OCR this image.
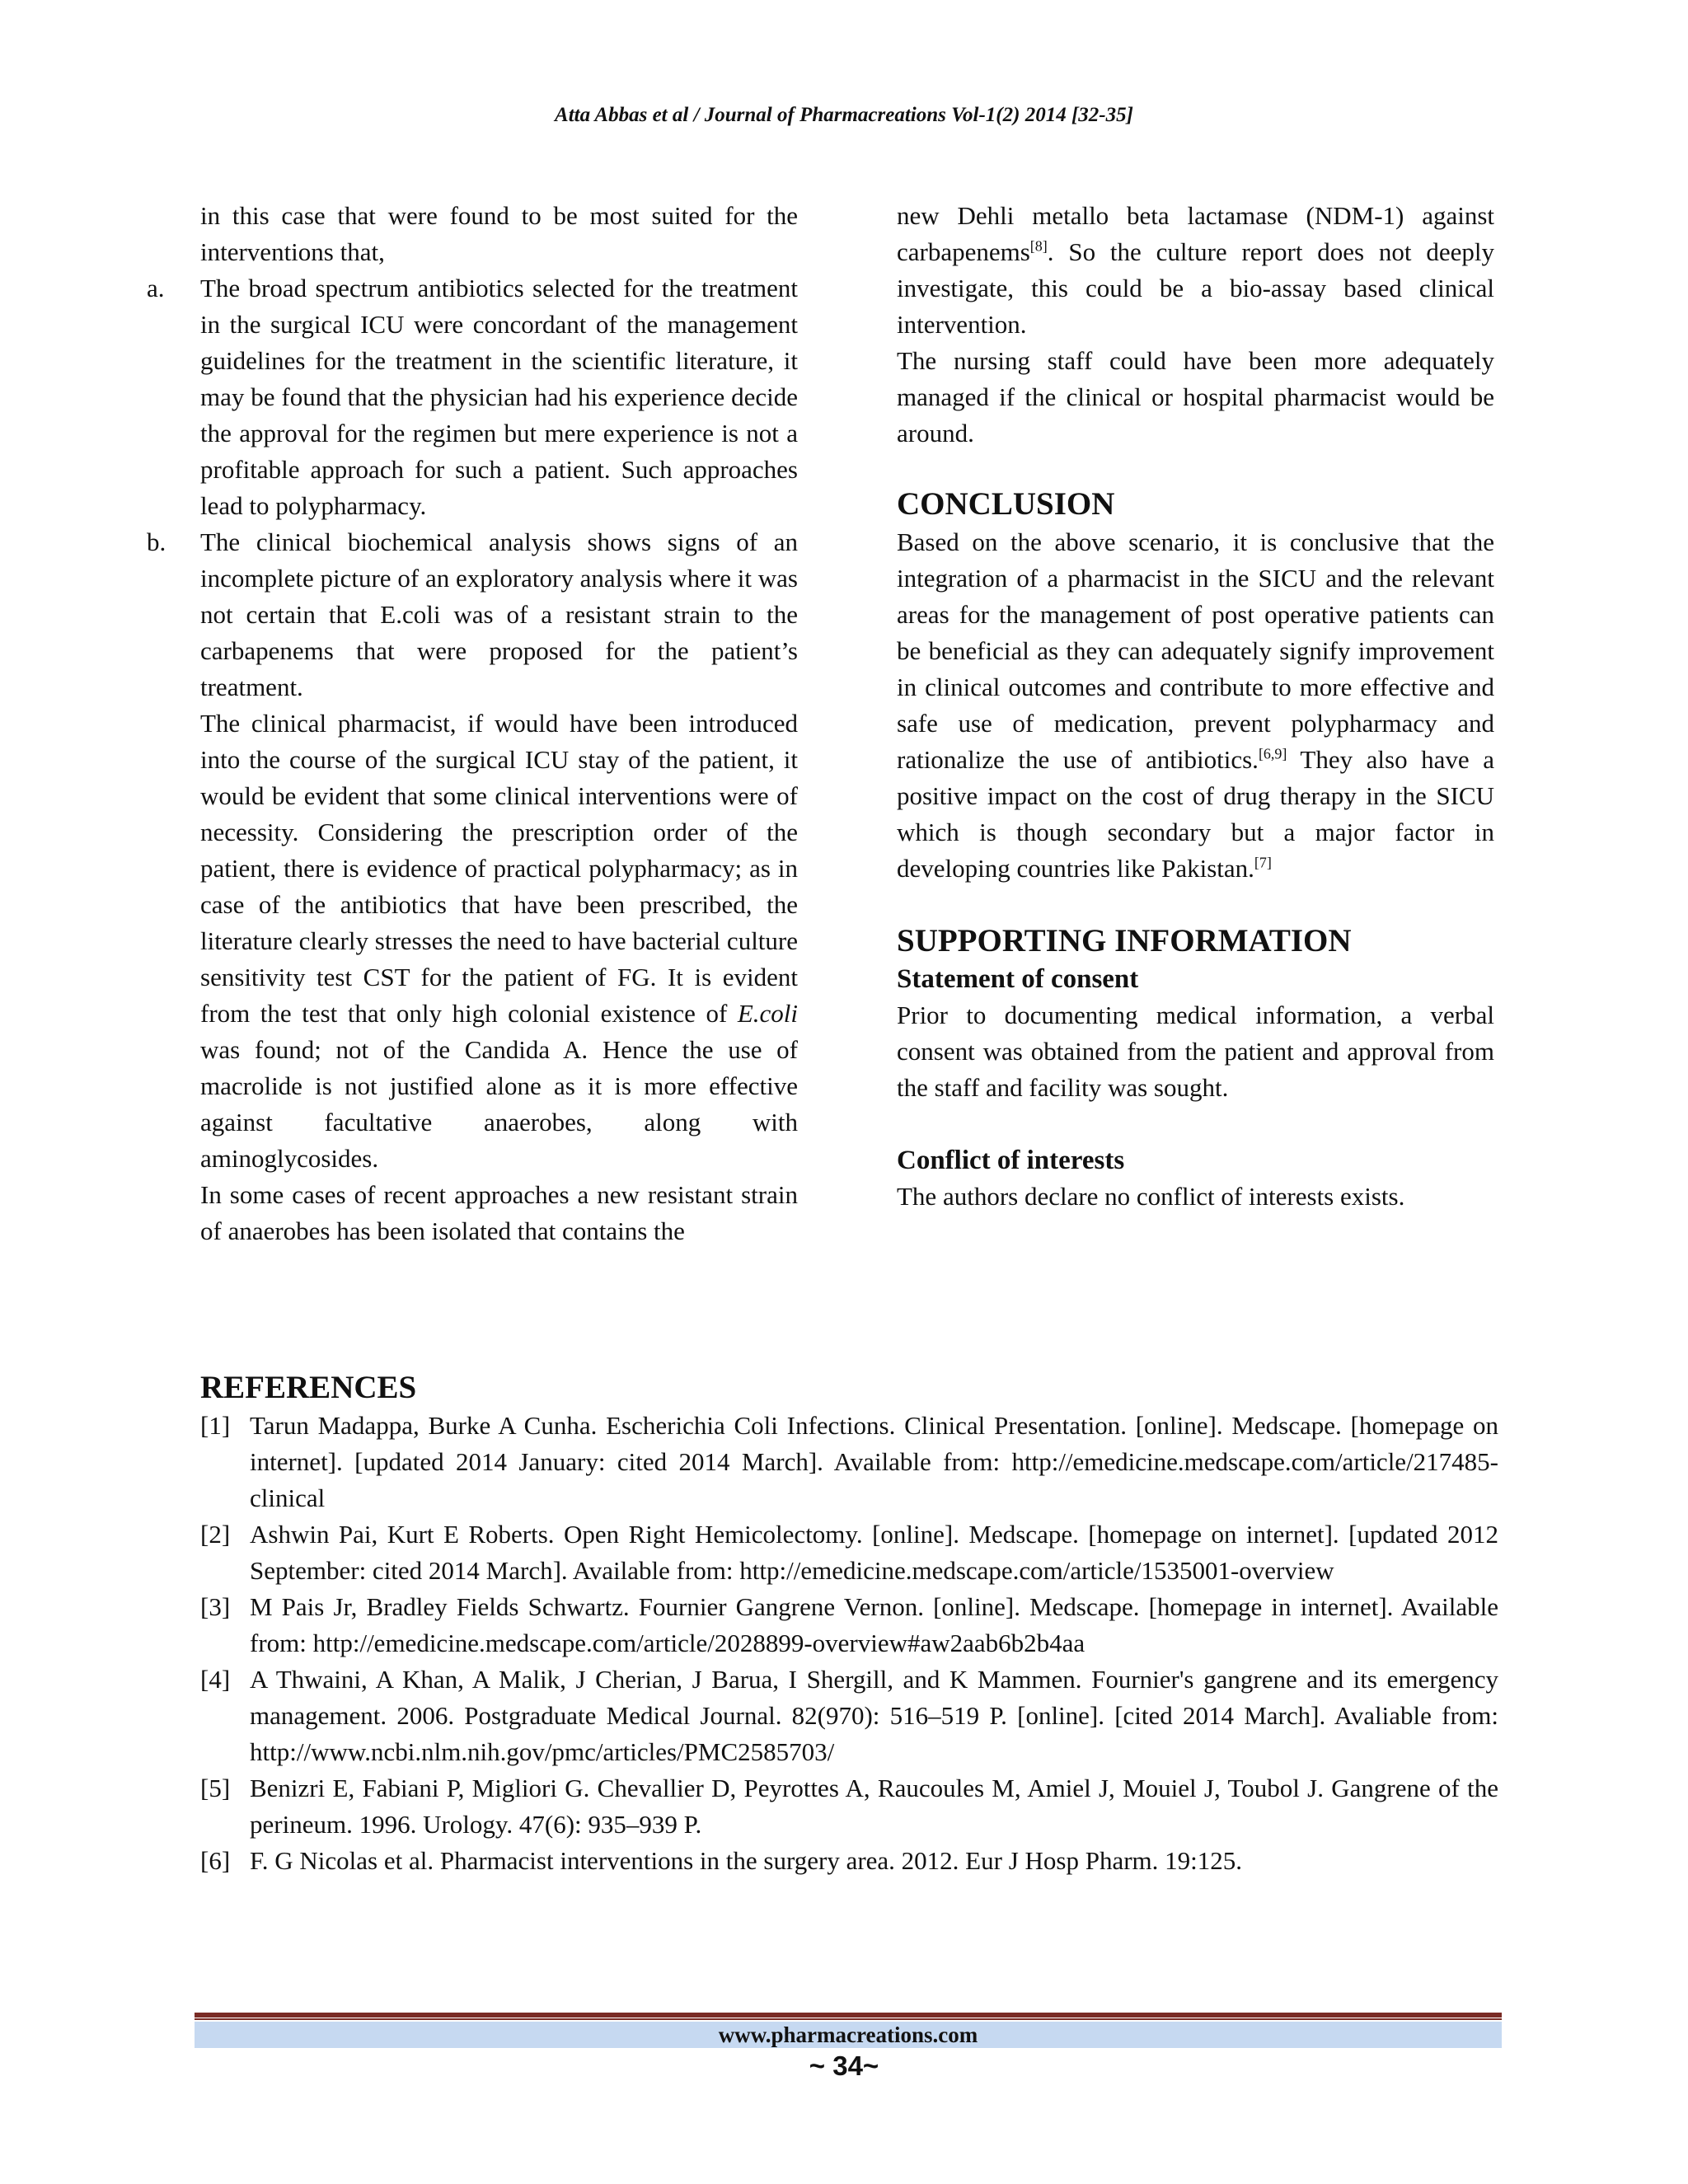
Atta Abbas et al / Journal of Pharmacreations Vol-1(2) 2014 [32-35]

in this case that were found to be most suited for the interventions that,

a. The broad spectrum antibiotics selected for the treatment in the surgical ICU were concordant of the management guidelines for the treatment in the scientific literature, it may be found that the physician had his experience decide the approval for the regimen but mere experience is not a profitable approach for such a patient. Such approaches lead to polypharmacy.

b. The clinical biochemical analysis shows signs of an incomplete picture of an exploratory analysis where it was not certain that E.coli was of a resistant strain to the carbapenems that were proposed for the patient’s treatment.

The clinical pharmacist, if would have been introduced into the course of the surgical ICU stay of the patient, it would be evident that some clinical interventions were of necessity. Considering the prescription order of the patient, there is evidence of practical polypharmacy; as in case of the antibiotics that have been prescribed, the literature clearly stresses the need to have bacterial culture sensitivity test CST for the patient of FG. It is evident from the test that only high colonial existence of E.coli was found; not of the Candida A. Hence the use of macrolide is not justified alone as it is more effective against facultative anaerobes, along with aminoglycosides.

In some cases of recent approaches a new resistant strain of anaerobes has been isolated that contains the

new Dehli metallo beta lactamase (NDM-1) against carbapenems[8]. So the culture report does not deeply investigate, this could be a bio-assay based clinical intervention.

The nursing staff could have been more adequately managed if the clinical or hospital pharmacist would be around.

CONCLUSION

Based on the above scenario, it is conclusive that the integration of a pharmacist in the SICU and the relevant areas for the management of post operative patients can be beneficial as they can adequately signify improvement in clinical outcomes and contribute to more effective and safe use of medication, prevent polypharmacy and rationalize the use of antibiotics.[6,9] They also have a positive impact on the cost of drug therapy in the SICU which is though secondary but a major factor in developing countries like Pakistan.[7]

SUPPORTING INFORMATION
Statement of consent

Prior to documenting medical information, a verbal consent was obtained from the patient and approval from the staff and facility was sought.

Conflict of interests

The authors declare no conflict of interests exists.

REFERENCES
[1] Tarun Madappa, Burke A Cunha. Escherichia Coli Infections. Clinical Presentation. [online]. Medscape. [homepage on internet]. [updated 2014 January: cited 2014 March]. Available from: http://emedicine.medscape.com/article/217485-clinical
[2] Ashwin Pai, Kurt E Roberts. Open Right Hemicolectomy. [online]. Medscape. [homepage on internet]. [updated 2012 September: cited 2014 March]. Available from: http://emedicine.medscape.com/article/1535001-overview
[3] M Pais Jr, Bradley Fields Schwartz. Fournier Gangrene Vernon. [online]. Medscape. [homepage in internet]. Available from: http://emedicine.medscape.com/article/2028899-overview#aw2aab6b2b4aa
[4] A Thwaini, A Khan, A Malik, J Cherian, J Barua, I Shergill, and K Mammen. Fournier's gangrene and its emergency management. 2006. Postgraduate Medical Journal. 82(970): 516–519 P. [online]. [cited 2014 March]. Avaliable from: http://www.ncbi.nlm.nih.gov/pmc/articles/PMC2585703/
[5] Benizri E, Fabiani P, Migliori G. Chevallier D, Peyrottes A, Raucoules M, Amiel J, Mouiel J, Toubol J. Gangrene of the perineum. 1996. Urology. 47(6): 935–939 P.
[6] F. G Nicolas et al. Pharmacist interventions in the surgery area. 2012. Eur J Hosp Pharm. 19:125.
www.pharmacreations.com
~ 34~
